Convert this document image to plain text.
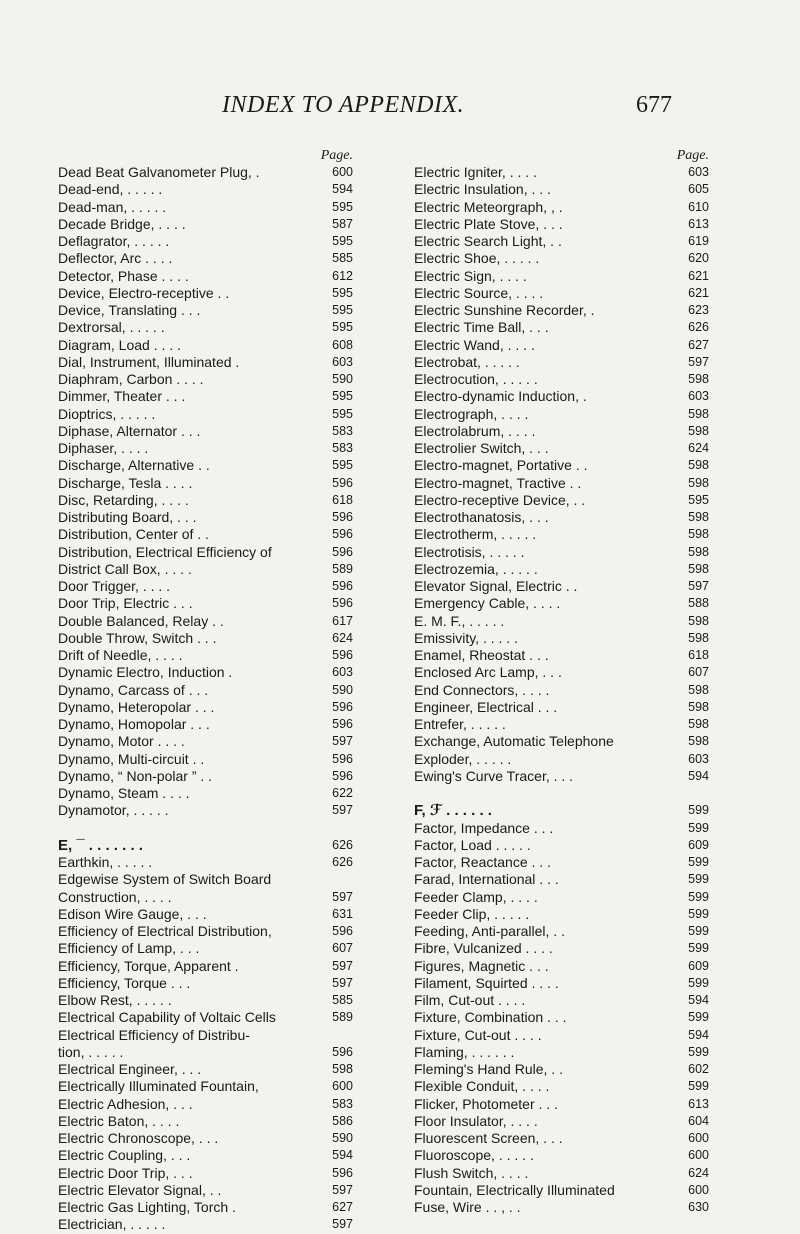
INDEX TO APPENDIX.	677
Page.
Dead Beat Galvanometer Plug, .	600
Dead-end, . . . . .	594
Dead-man, . . . . .	595
Decade Bridge, . . . .	587
Deflagrator, . . . . .	595
Deflector, Arc . . . .	585
Detector, Phase . . . .	612
Device, Electro-receptive . .	595
Device, Translating . . .	595
Dextrorsal, . . . . .	595
Diagram, Load . . . .	608
Dial, Instrument, Illuminated .	603
Diaphram, Carbon . . . .	590
Dimmer, Theater . . .	595
Dioptrics, . . . . .	595
Diphase, Alternator . . .	583
Diphaser, . . . .	583
Discharge, Alternative . .	595
Discharge, Tesla . . . .	596
Disc, Retarding, . . . .	618
Distributing Board, . . .	596
Distribution, Center of . .	596
Distribution, Electrical Efficiency of	596
District Call Box, . . . .	589
Door Trigger, . . . .	596
Door Trip, Electric . . .	596
Double Balanced, Relay . .	617
Double Throw, Switch . . .	624
Drift of Needle, . . . .	596
Dynamic Electro, Induction .	603
Dynamo, Carcass of . . .	590
Dynamo, Heteropolar . . .	596
Dynamo, Homopolar . . .	596
Dynamo, Motor . . . .	597
Dynamo, Multi-circuit . .	596
Dynamo, “ Non-polar ” . .	596
Dynamo, Steam . . . .	622
Dynamotor, . . . . .	597
E, ¯ . . . . . . .	626
Earthkin, . . . . .	626
Edgewise System of Switch Board
Construction, . . . .	597
Edison Wire Gauge, . . .	631
Efficiency of Electrical Distribution,	596
Efficiency of Lamp, . . .	607
Efficiency, Torque, Apparent .	597
Efficiency, Torque . . .	597
Elbow Rest, . . . . .	585
Electrical Capability of Voltaic Cells	589
Electrical Efficiency of Distribu-
tion, . . . . .	596
Electrical Engineer, . . .	598
Electrically Illuminated Fountain,	600
Electric Adhesion, . . .	583
Electric Baton, . . . .	586
Electric Chronoscope, . . .	590
Electric Coupling, . . .	594
Electric Door Trip, . . .	596
Electric Elevator Signal, . .	597
Electric Gas Lighting, Torch .	627
Electrician, . . . . .	597
Page.
Electric Igniter, . . . .	603
Electric Insulation, . . .	605
Electric Meteorgraph, , .	610
Electric Plate Stove, . . .	613
Electric Search Light, . .	619
Electric Shoe, . . . . .	620
Electric Sign, . . . .	621
Electric Source, . . . .	621
Electric Sunshine Recorder, .	623
Electric Time Ball, . . .	626
Electric Wand, . . . .	627
Electrobat, . . . . .	597
Electrocution, . . . . .	598
Electro-dynamic Induction, .	603
Electrograph, . . . .	598
Electrolabrum, . . . .	598
Electrolier Switch, . . .	624
Electro-magnet, Portative . .	598
Electro-magnet, Tractive . .	598
Electro-receptive Device, . .	595
Electrothanatosis, . . .	598
Electrotherm, . . . . .	598
Electrotisis, . . . . .	598
Electrozemia, . . . . .	598
Elevator Signal, Electric . .	597
Emergency Cable, . . . .	588
E. M. F., . . . . .	598
Emissivity, . . . . .	598
Enamel, Rheostat . . .	618
Enclosed Arc Lamp, . . .	607
End Connectors, . . . .	598
Engineer, Electrical . . .	598
Entrefer, . . . . .	598
Exchange, Automatic Telephone	598
Exploder, . . . . .	603
Ewing's Curve Tracer, . . .	594
F, ℱ . . . . . .	599
Factor, Impedance . . .	599
Factor, Load . . . . .	609
Factor, Reactance . . .	599
Farad, International . . .	599
Feeder Clamp, . . . .	599
Feeder Clip, . . . . .	599
Feeding, Anti-parallel, . .	599
Fibre, Vulcanized . . . .	599
Figures, Magnetic . . .	609
Filament, Squirted . . . .	599
Film, Cut-out . . . .	594
Fixture, Combination . . .	599
Fixture, Cut-out . . . .	594
Flaming, . . . . . .	599
Fleming's Hand Rule, . .	602
Flexible Conduit, . . . .	599
Flicker, Photometer . . .	613
Floor Insulator, . . . .	604
Fluorescent Screen, . . .	600
Fluoroscope, . . . . .	600
Flush Switch, . . . .	624
Fountain, Electrically Illuminated	600
Fuse, Wire . . , . .	630
